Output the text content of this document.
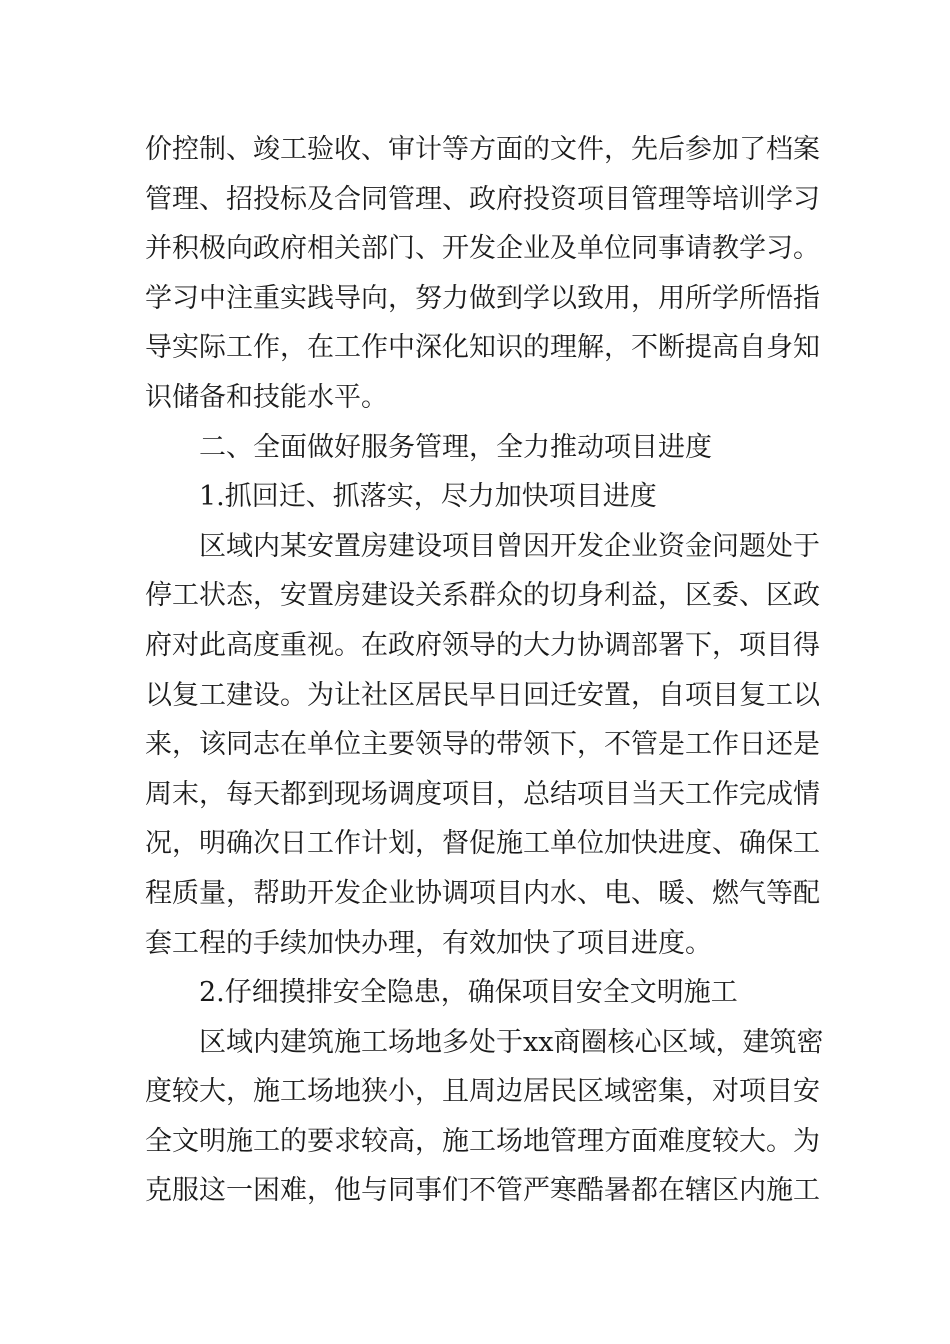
价控制、竣工验收、审计等方面的文件，先后参加了档案
管理、招投标及合同管理、政府投资项目管理等培训学习
并积极向政府相关部门、开发企业及单位同事请教学习。
学习中注重实践导向，努力做到学以致用，用所学所悟指
导实际工作，在工作中深化知识的理解，不断提高自身知
识储备和技能水平。
二、全面做好服务管理，全力推动项目进度
1.抓回迁、抓落实，尽力加快项目进度
区域内某安置房建设项目曾因开发企业资金问题处于
停工状态，安置房建设关系群众的切身利益，区委、区政
府对此高度重视。在政府领导的大力协调部署下，项目得
以复工建设。为让社区居民早日回迁安置，自项目复工以
来，该同志在单位主要领导的带领下，不管是工作日还是
周末，每天都到现场调度项目，总结项目当天工作完成情
况，明确次日工作计划，督促施工单位加快进度、确保工
程质量，帮助开发企业协调项目内水、电、暖、燃气等配
套工程的手续加快办理，有效加快了项目进度。
2.仔细摸排安全隐患，确保项目安全文明施工
区域内建筑施工场地多处于xx商圈核心区域，建筑密
度较大，施工场地狭小，且周边居民区域密集，对项目安
全文明施工的要求较高，施工场地管理方面难度较大。为
克服这一困难，他与同事们不管严寒酷暑都在辖区内施工
